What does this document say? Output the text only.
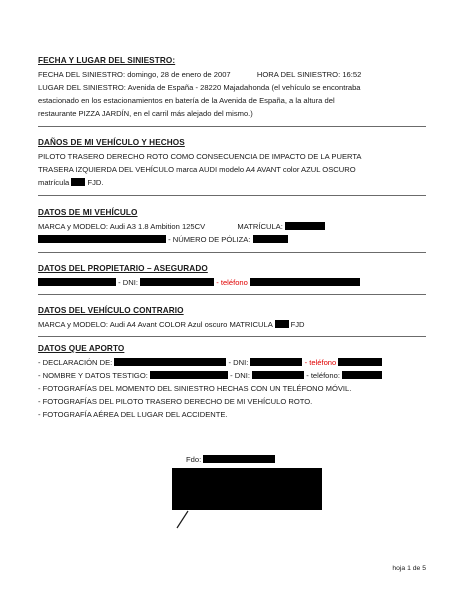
FECHA Y LUGAR DEL SINIESTRO:
FECHA DEL SINIESTRO: domingo, 28 de enero de 2007	HORA DEL SINIESTRO: 16:52
LUGAR DEL SINIESTRO: Avenida de España - 28220 Majadahonda (el vehículo se encontraba
estacionado en los estacionamientos en batería de la Avenida de España, a la altura del
restaurante PIZZA JARDÍN, en el carril más alejado del mismo.)
DAÑOS DE MI VEHÍCULO Y HECHOS
PILOTO TRASERO DERECHO ROTO COMO CONSECUENCIA DE IMPACTO DE LA PUERTA
TRASERA IZQUIERDA DEL VEHÍCULO marca AUDI modelo A4 AVANT color AZUL OSCURO
matrícula FJD.
DATOS DE MI VEHÍCULO
MARCA y MODELO: Audi A3 1.8 Ambition 125CV	MATRÍCULA:
- NÚMERO DE PÓLIZA:
DATOS DEL PROPIETARIO – ASEGURADO
- DNI:	- teléfono
DATOS DEL VEHÍCULO CONTRARIO
MARCA y MODELO: Audi A4 Avant COLOR Azul oscuro MATRICULA FJD
DATOS QUE APORTO
- DECLARACIÓN DE:	- DNI:	- teléfono
- NOMBRE Y DATOS TESTIGO:	- DNI:	- teléfono:
- FOTOGRAFÍAS DEL MOMENTO DEL SINIESTRO HECHAS CON UN TELÉFONO MÓVIL.
- FOTOGRAFÍAS DEL PILOTO TRASERO DERECHO DE MI VEHÍCULO ROTO.
- FOTOGRAFÍA AÉREA DEL LUGAR DEL ACCIDENTE.
Fdo:
hoja 1 de 5
